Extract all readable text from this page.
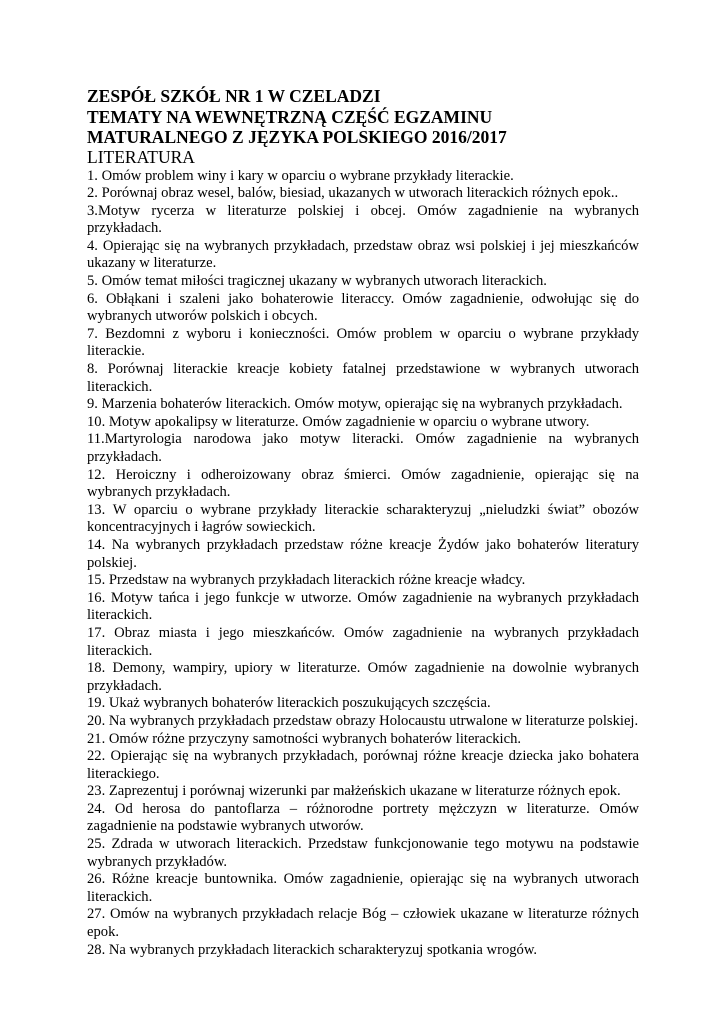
ZESPÓŁ SZKÓŁ NR 1 W CZELADZI
TEMATY NA WEWNĘTRZNĄ CZĘŚĆ EGZAMINU
MATURALNEGO Z JĘZYKA POLSKIEGO 2016/2017
LITERATURA
1. Omów problem winy i kary w oparciu o wybrane przykłady literackie.
2. Porównaj obraz wesel, balów, biesiad, ukazanych w utworach literackich różnych epok..
3.Motyw rycerza w literaturze polskiej i obcej. Omów zagadnienie na wybranych przykładach.
4. Opierając się na wybranych przykładach, przedstaw obraz wsi polskiej i jej mieszkańców ukazany w literaturze.
5. Omów temat miłości tragicznej ukazany w wybranych utworach literackich.
6. Obłąkani i szaleni jako bohaterowie literaccy. Omów zagadnienie, odwołując się do wybranych utworów polskich i obcych.
7. Bezdomni z wyboru i konieczności. Omów problem w oparciu o wybrane przykłady literackie.
8. Porównaj literackie kreacje kobiety fatalnej przedstawione w wybranych utworach literackich.
9. Marzenia bohaterów literackich. Omów motyw, opierając się na wybranych przykładach.
10. Motyw apokalipsy w literaturze. Omów zagadnienie w oparciu o wybrane utwory.
11.Martyrologia narodowa jako motyw literacki. Omów zagadnienie na wybranych przykładach.
12. Heroiczny i odheroizowany obraz śmierci. Omów zagadnienie, opierając się na wybranych przykładach.
13. W oparciu o wybrane przykłady literackie scharakteryzuj „nieludzki świat” obozów koncentracyjnych i łagrów sowieckich.
14. Na wybranych przykładach przedstaw różne kreacje Żydów jako bohaterów literatury polskiej.
15. Przedstaw na wybranych przykładach literackich różne kreacje władcy.
16. Motyw tańca i jego funkcje w utworze. Omów zagadnienie na wybranych przykładach literackich.
17. Obraz miasta i jego mieszkańców. Omów zagadnienie na wybranych przykładach literackich.
18. Demony, wampiry, upiory w literaturze. Omów zagadnienie na dowolnie wybranych przykładach.
19. Ukaż wybranych bohaterów literackich poszukujących szczęścia.
20. Na wybranych przykładach przedstaw obrazy Holocaustu utrwalone w literaturze polskiej.
21. Omów różne przyczyny samotności wybranych bohaterów literackich.
22. Opierając się na wybranych przykładach, porównaj różne kreacje dziecka jako bohatera literackiego.
23. Zaprezentuj i porównaj wizerunki par małżeńskich ukazane w literaturze różnych epok.
24. Od herosa do pantoflarza – różnorodne portrety mężczyzn w literaturze. Omów zagadnienie na podstawie wybranych utworów.
25. Zdrada w utworach literackich. Przedstaw funkcjonowanie tego motywu na podstawie wybranych przykładów.
26. Różne kreacje buntownika. Omów zagadnienie, opierając się na wybranych utworach literackich.
27. Omów na wybranych przykładach relacje Bóg – człowiek ukazane w literaturze różnych epok.
28. Na wybranych przykładach literackich scharakteryzuj spotkania wrogów.
